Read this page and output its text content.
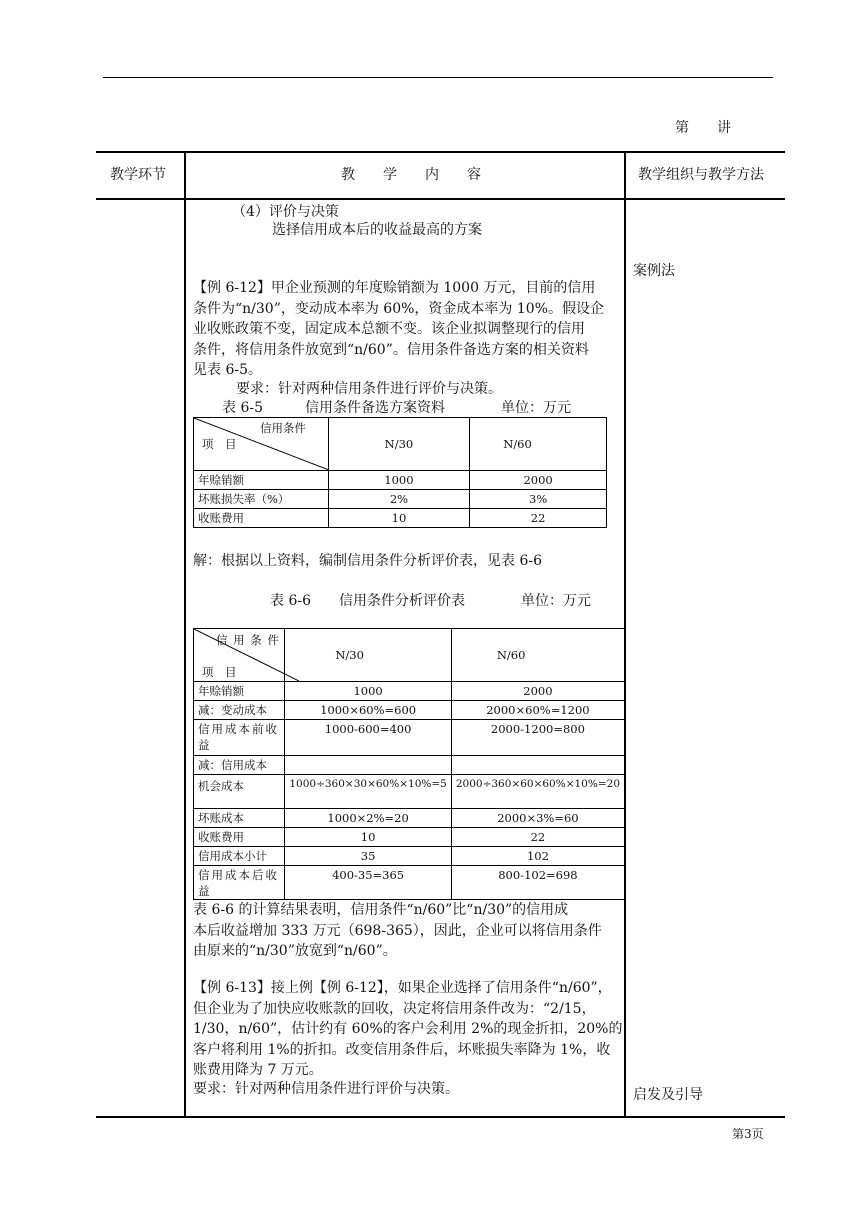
第　　讲
教学环节	教　　学　　内　　容	教学组织与教学方法
案例法
启发及引导
（4）评价与决策
选择信用成本后的收益最高的方案
【例 6-12】甲企业预测的年度赊销额为 1000 万元，目前的信用
条件为“n/30”，变动成本率为 60%，资金成本率为 10%。假设企
业收账政策不变，固定成本总额不变。该企业拟调整现行的信用
条件，将信用条件放宽到“n/60”。信用条件备选方案的相关资料
见表 6-5。
要求：针对两种信用条件进行评价与决策。
表 6-5　　　信用条件备选方案资料　　　　单位：万元
信用条件
项　目	N/30	N/60
年赊销额	1000	2000
坏账损失率（%）	2%	3%
收账费用	10	22
解：根据以上资料，编制信用条件分析评价表，见表 6-6
表 6-6　　信用条件分析评价表　　　　单位：万元
信 用 条 件
项　目	N/30	N/60
年赊销额	1000	2000
减：变动成本	1000×60%=600	2000×60%=1200
信用成本前收益	1000-600=400	2000-1200=800
减：信用成本		
机会成本	1000÷360×30×60%×10%=5	2000÷360×60×60%×10%=20
坏账成本	1000×2%=20	2000×3%=60
收账费用	10	22
信用成本小计	35	102
信用成本后收益	400-35=365	800-102=698
表 6-6 的计算结果表明，信用条件“n/60”比“n/30”的信用成
本后收益增加 333 万元（698-365），因此，企业可以将信用条件
由原来的“n/30”放宽到“n/60”。
【例 6-13】接上例【例 6-12】，如果企业选择了信用条件“n/60”，
但企业为了加快应收账款的回收，决定将信用条件改为：“2/15，
1/30，n/60”，估计约有 60%的客户会利用 2%的现金折扣，20%的
客户将利用 1%的折扣。改变信用条件后，坏账损失率降为 1%，收
账费用降为 7 万元。
要求：针对两种信用条件进行评价与决策。
第3页
